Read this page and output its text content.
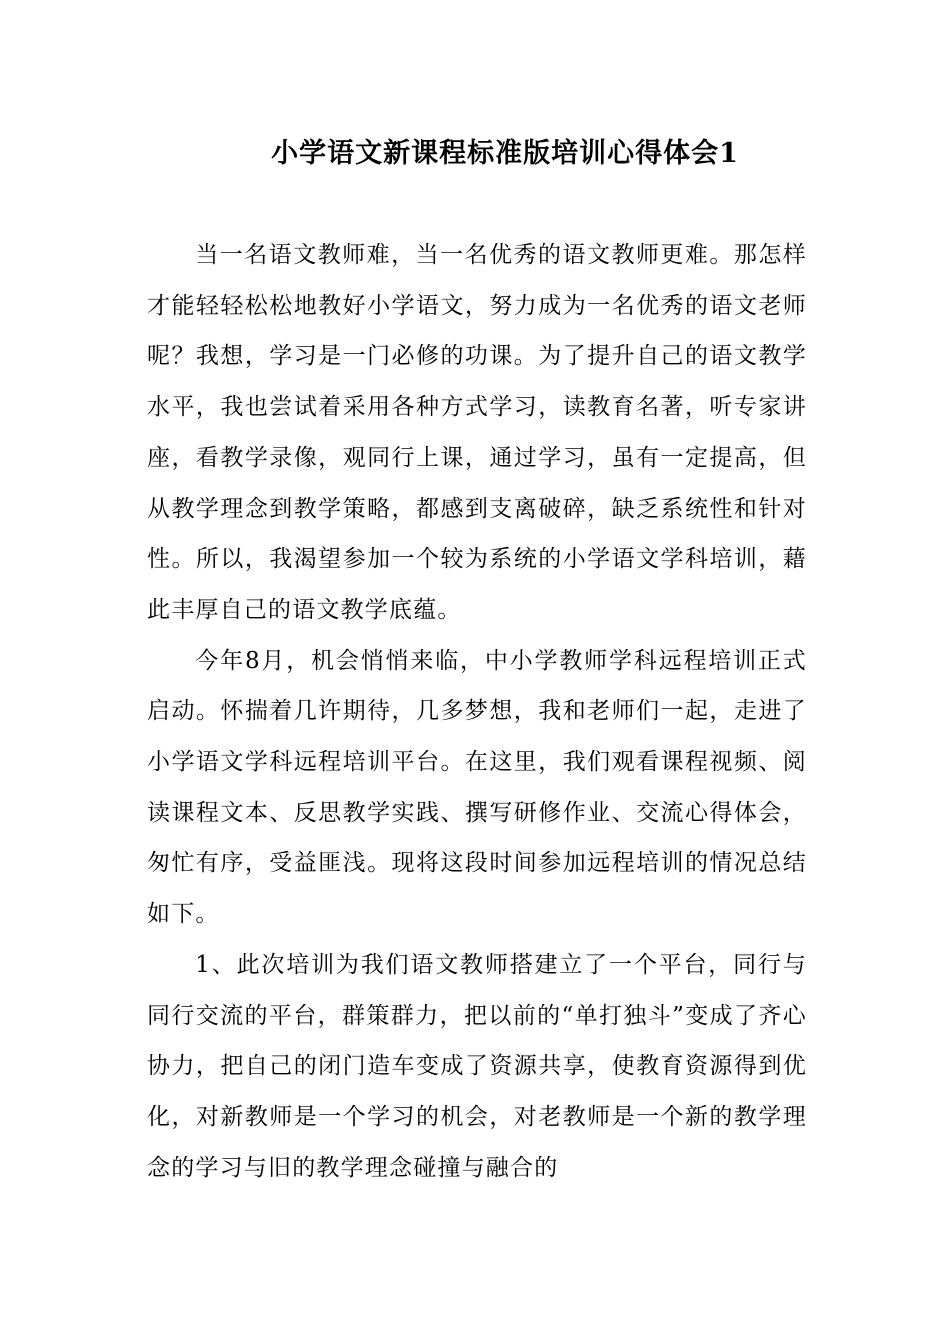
小学语文新课程标准版培训心得体会1

当一名语文教师难，当一名优秀的语文教师更难。那怎样才能轻轻松松地教好小学语文，努力成为一名优秀的语文老师呢？我想，学习是一门必修的功课。为了提升自己的语文教学水平，我也尝试着采用各种方式学习，读教育名著，听专家讲座，看教学录像，观同行上课，通过学习，虽有一定提高，但从教学理念到教学策略，都感到支离破碎，缺乏系统性和针对性。所以，我渴望参加一个较为系统的小学语文学科培训，藉此丰厚自己的语文教学底蕴。

今年8月，机会悄悄来临，中小学教师学科远程培训正式启动。怀揣着几许期待，几多梦想，我和老师们一起，走进了小学语文学科远程培训平台。在这里，我们观看课程视频、阅读课程文本、反思教学实践、撰写研修作业、交流心得体会，匆忙有序，受益匪浅。现将这段时间参加远程培训的情况总结如下。

1、此次培训为我们语文教师搭建立了一个平台，同行与同行交流的平台，群策群力，把以前的“单打独斗”变成了齐心协力，把自己的闭门造车变成了资源共享，使教育资源得到优化，对新教师是一个学习的机会，对老教师是一个新的教学理念的学习与旧的教学理念碰撞与融合的
